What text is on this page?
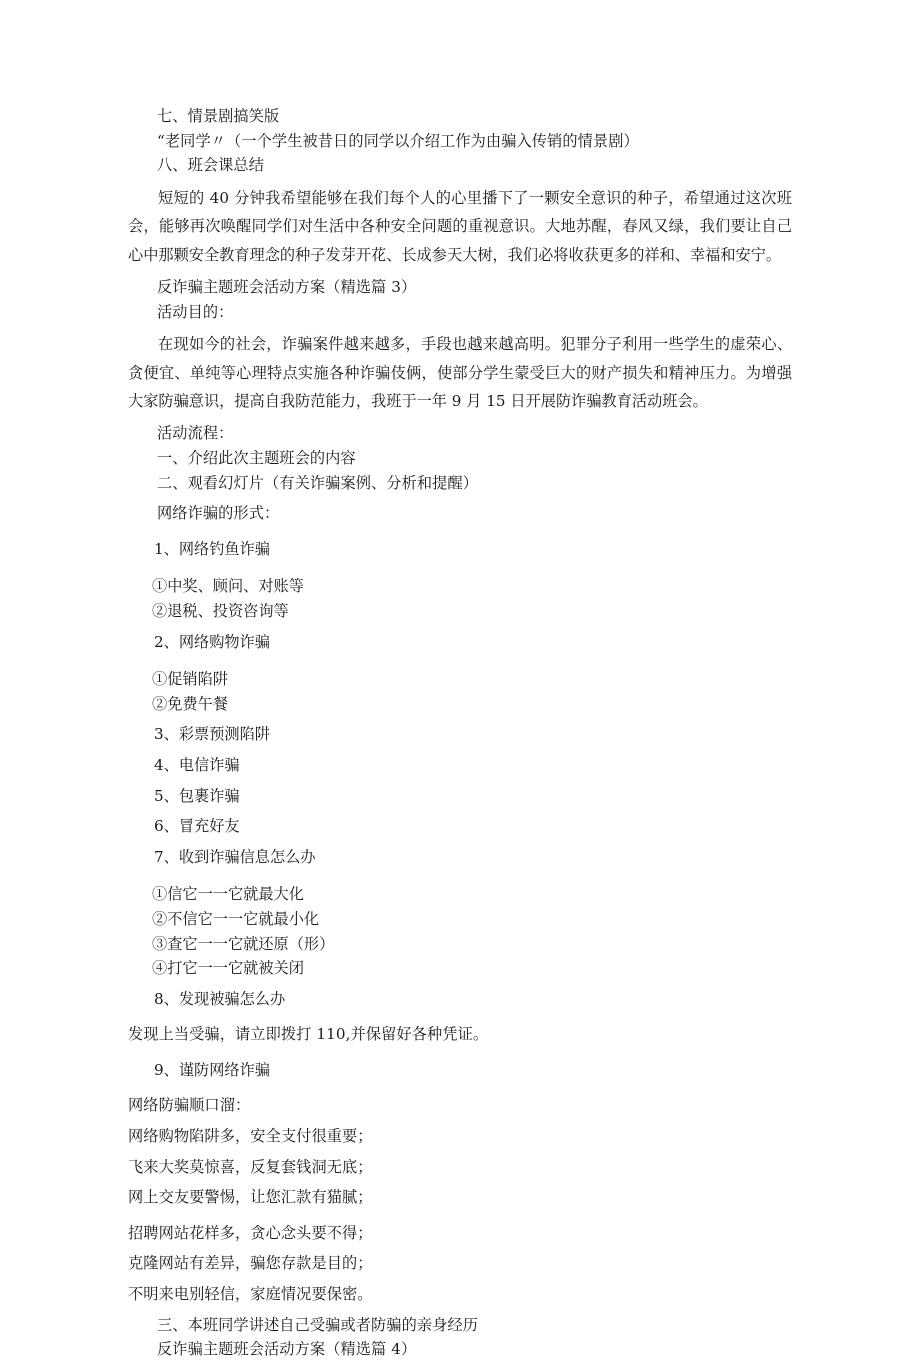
七、情景剧搞笑版
“老同学〃（一个学生被昔日的同学以介绍工作为由骗入传销的情景剧）
八、班会课总结

短短的 40 分钟我希望能够在我们每个人的心里播下了一颗安全意识的种子，希望通过这次班会，能够再次唤醒同学们对生活中各种安全问题的重视意识。大地苏醒，春风又绿，我们要让自己心中那颗安全教育理念的种子发芽开花、长成参天大树，我们必将收获更多的祥和、幸福和安宁。

反诈骗主题班会活动方案（精选篇 3）
活动目的：

在现如今的社会，诈骗案件越来越多，手段也越来越高明。犯罪分子利用一些学生的虚荣心、贪便宜、单纯等心理特点实施各种诈骗伎俩，使部分学生蒙受巨大的财产损失和精神压力。为增强大家防骗意识，提高自我防范能力，我班于一年 9 月 15 日开展防诈骗教育活动班会。

活动流程：
一、介绍此次主题班会的内容
二、观看幻灯片（有关诈骗案例、分析和提醒）
网络诈骗的形式：
1、网络钓鱼诈骗
①中奖、顾问、对账等
②退税、投资咨询等
2、网络购物诈骗
①促销陷阱
②免费午餐
3、彩票预测陷阱
4、电信诈骗
5、包裹诈骗
6、冒充好友
7、收到诈骗信息怎么办
①信它一一它就最大化
②不信它一一它就最小化
③查它一一它就还原（形）
④打它一一它就被关闭
8、发现被骗怎么办
发现上当受骗，请立即拨打 110,并保留好各种凭证。
9、谨防网络诈骗
网络防骗顺口溜：
网络购物陷阱多，安全支付很重要；
飞来大奖莫惊喜，反复套钱洞无底；
网上交友要警惕，让您汇款有猫腻；
招聘网站花样多，贪心念头要不得；
克隆网站有差异，骗您存款是目的；
不明来电别轻信，家庭情况要保密。
三、本班同学讲述自己受骗或者防骗的亲身经历
反诈骗主题班会活动方案（精选篇 4）
